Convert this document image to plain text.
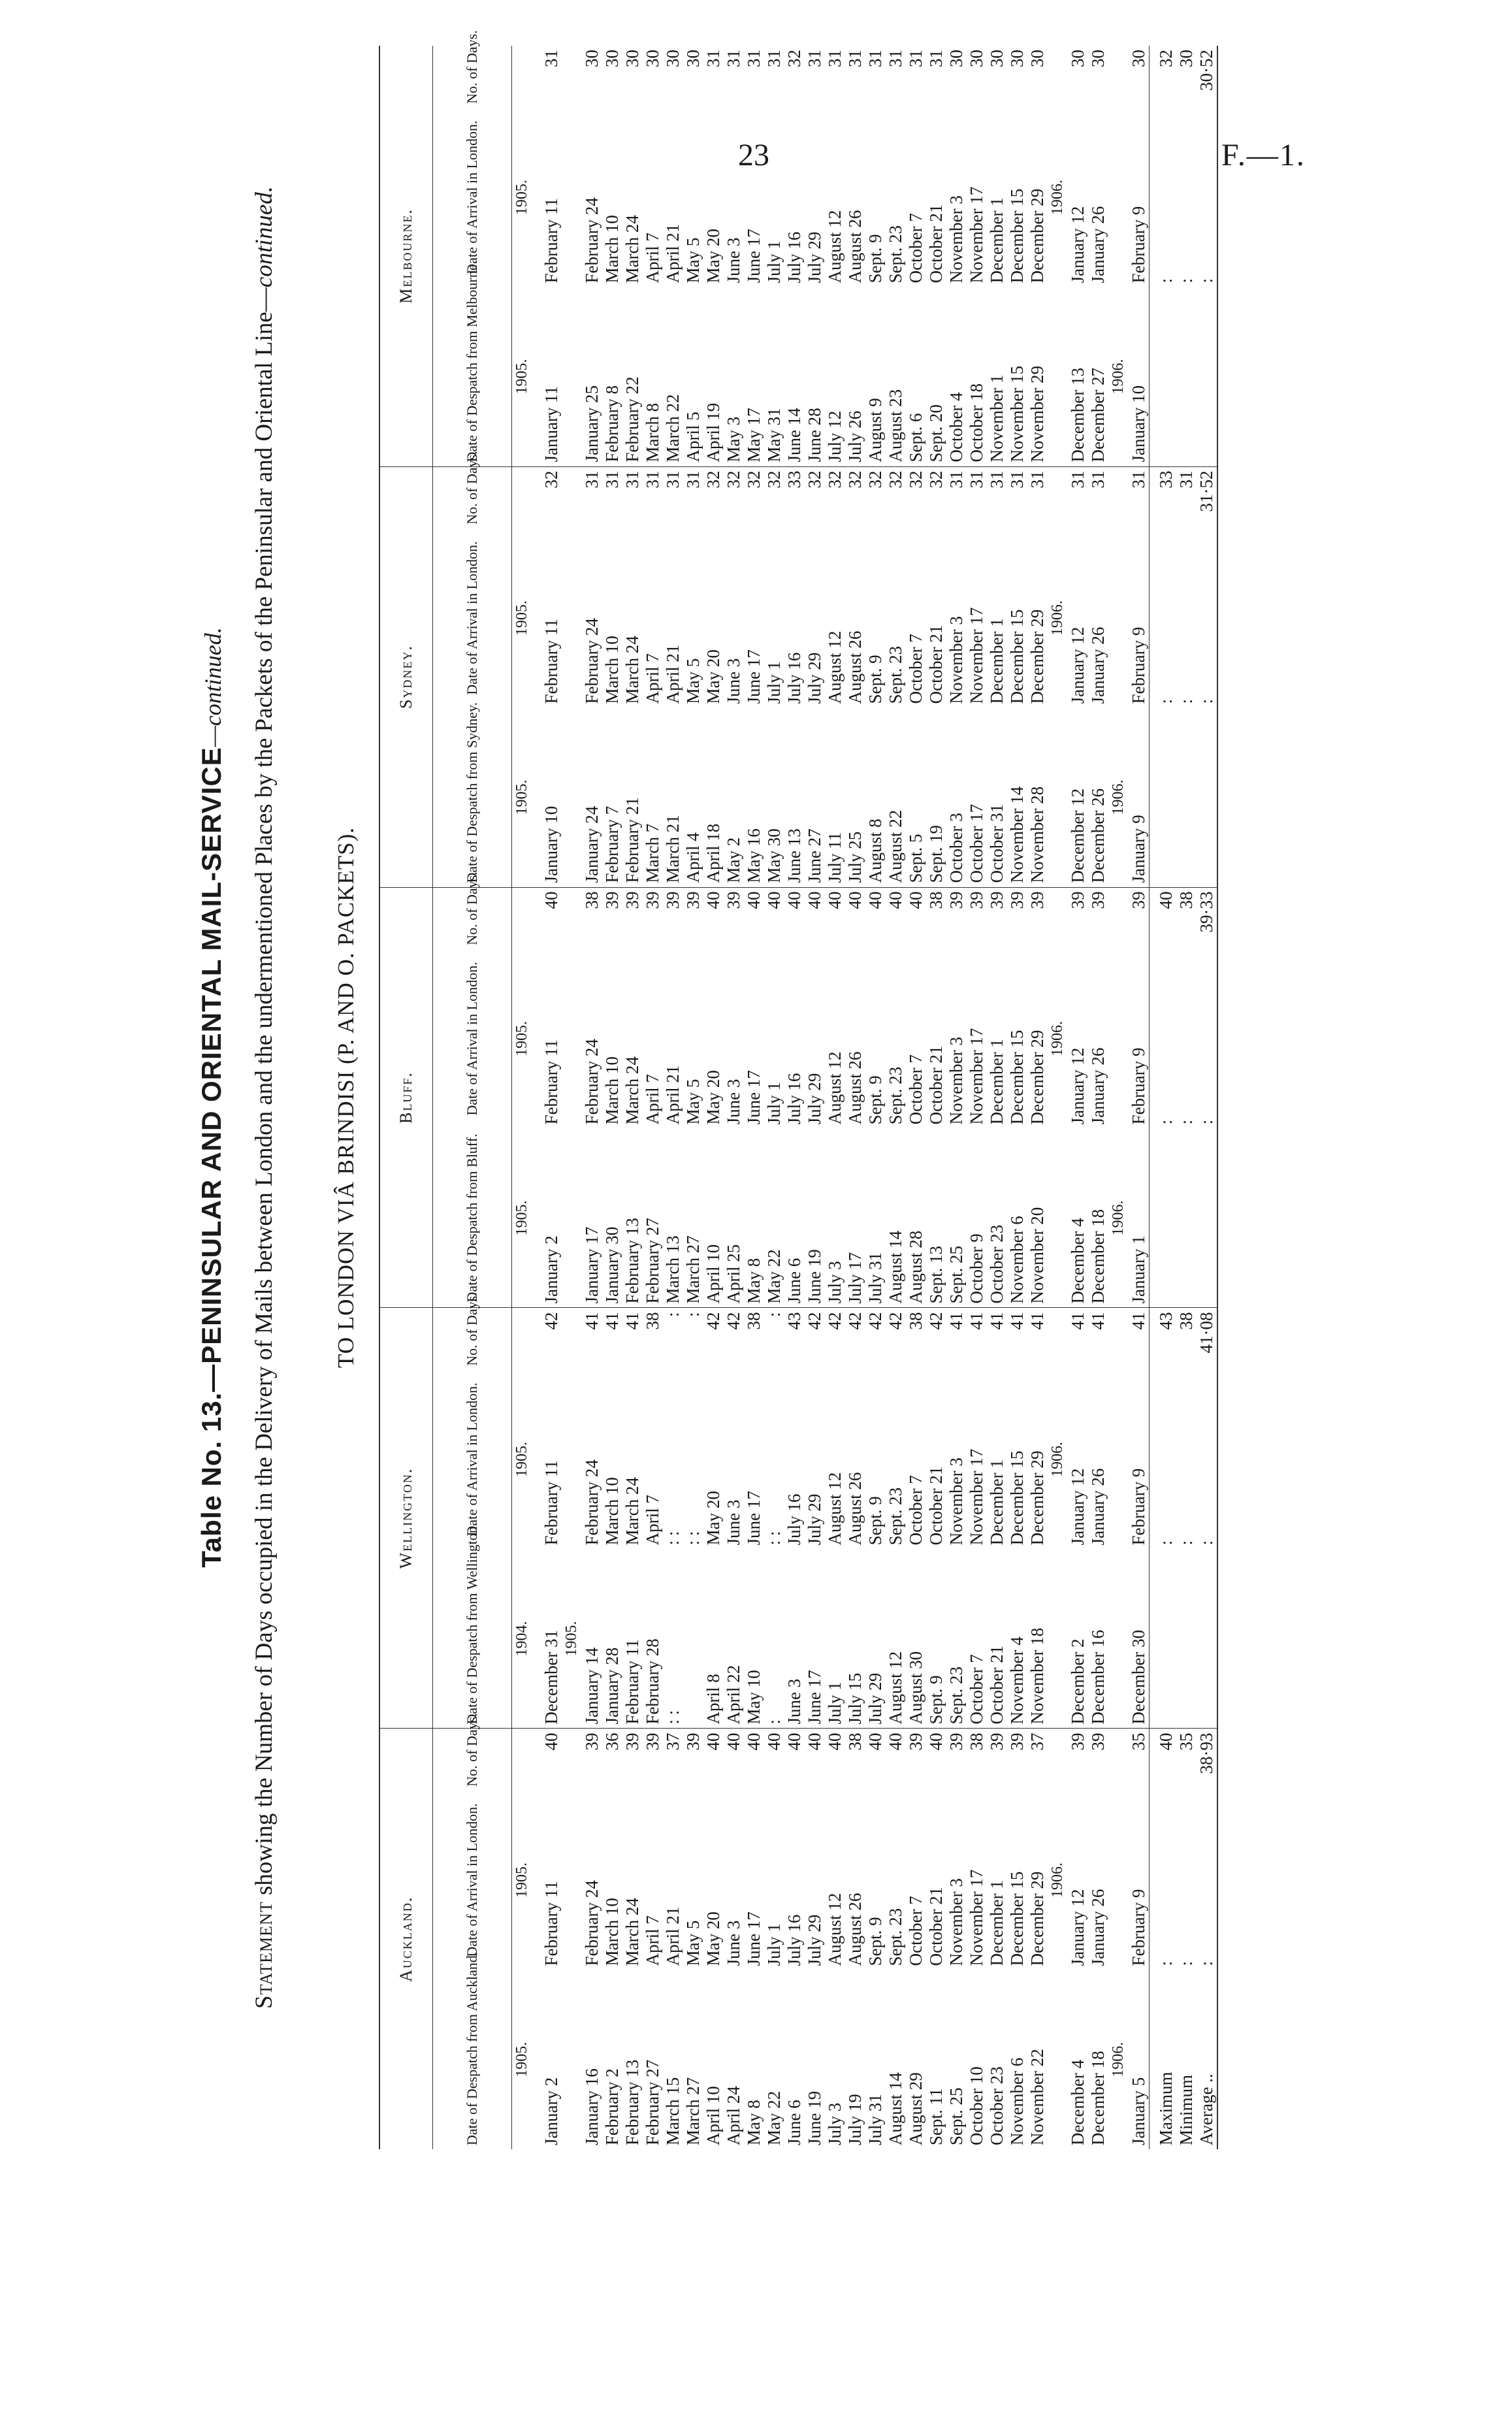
23	F.—1.
Table No. 13.—PENINSULAR AND ORIENTAL MAIL-SERVICE—continued.
Statement showing the Number of Days occupied in the Delivery of Mails between London and the undermentioned Places by the Packets of the Peninsular and Oriental Line—continued.
TO LONDON VIÂ BRINDISI (P. AND O. PACKETS).
Auckland.			Wellington.			Bluff.			Sydney.			Melbourne.		
Date of Despatch from Auckland.	Date of Arrival in London.	No. of Days.	Date of Despatch from Wellington.	Date of Arrival in London.	No. of Days.	Date of Despatch from Bluff.	Date of Arrival in London.	No. of Days.	Date of Despatch from Sydney.	Date of Arrival in London.	No. of Days.	Date of Despatch from Melbourne.	Date of Arrival in London.	No. of Days.
1905.	1905.		1904.	1905.		1905.	1905.		1905.	1905.		1905.	1905.	
January 2	February 11	40	December 31	February 11	42	January 2	February 11	40	January 10	February 11	32	January 11	February 11	31
			1905.											
January 16	February 24	39	January 14	February 24	41	January 17	February 24	38	January 24	February 24	31	January 25	February 24	30
February 2	March 10	36	January 28	March 10	41	January 30	March 10	39	February 7	March 10	31	February 8	March 10	30
February 13	March 24	39	February 11	March 24	41	February 13	March 24	39	February 21	March 24	31	February 22	March 24	30
February 27	April 7	39	February 28	April 7	38	February 27	April 7	39	March 7	April 7	31	March 8	April 7	30
March 15	April 21	37	: :	: :	:	March 13	April 21	39	March 21	April 21	31	March 22	April 21	30
March 27	May 5	39		: :	:	March 27	May 5	39	April 4	May 5	31	April 5	May 5	30
April 10	May 20	40	April 8	May 20	42	April 10	May 20	40	April 18	May 20	32	April 19	May 20	31
April 24	June 3	40	April 22	June 3	42	April 25	June 3	39	May 2	June 3	32	May 3	June 3	31
May 8	June 17	40	May 10	June 17	38	May 8	June 17	40	May 16	June 17	32	May 17	June 17	31
May 22	July 1	40	:	: :	:	May 22	July 1	40	May 30	July 1	32	May 31	July 1	31
June 6	July 16	40	June 3	July 16	43	June 6	July 16	40	June 13	July 16	33	June 14	July 16	32
June 19	July 29	40	June 17	July 29	42	June 19	July 29	40	June 27	July 29	32	June 28	July 29	31
July 3	August 12	40	July 1	August 12	42	July 3	August 12	40	July 11	August 12	32	July 12	August 12	31
July 19	August 26	38	July 15	August 26	42	July 17	August 26	40	July 25	August 26	32	July 26	August 26	31
July 31	Sept. 9	40	July 29	Sept. 9	42	July 31	Sept. 9	40	August 8	Sept. 9	32	August 9	Sept. 9	31
August 14	Sept. 23	40	August 12	Sept. 23	42	August 14	Sept. 23	40	August 22	Sept. 23	32	August 23	Sept. 23	31
August 29	October 7	39	August 30	October 7	38	August 28	October 7	40	Sept. 5	October 7	32	Sept. 6	October 7	31
Sept. 11	October 21	40	Sept. 9	October 21	42	Sept. 13	October 21	38	Sept. 19	October 21	32	Sept. 20	October 21	31
Sept. 25	November 3	39	Sept. 23	November 3	41	Sept. 25	November 3	39	October 3	November 3	31	October 4	November 3	30
October 10	November 17	38	October 7	November 17	41	October 9	November 17	39	October 17	November 17	31	October 18	November 17	30
October 23	December 1	39	October 21	December 1	41	October 23	December 1	39	October 31	December 1	31	November 1	December 1	30
November 6	December 15	39	November 4	December 15	41	November 6	December 15	39	November 14	December 15	31	November 15	December 15	30
November 22	December 29	37	November 18	December 29	41	November 20	December 29	39	November 28	December 29	31	November 29	December 29	30
	1906.			1906.			1906.			1906.			1906.	
December 4	January 12	39	December 2	January 12	41	December 4	January 12	39	December 12	January 12	31	December 13	January 12	30
December 18	January 26	39	December 16	January 26	41	December 18	January 26	39	December 26	January 26	31	December 27	January 26	30
1906.						1906.			1906.			1906.		
January 5	February 9	35	December 30	February 9	41	January 1	February 9	39	January 9	February 9	31	January 10	February 9	30
Maximum	:	40		:	43		:	40		:	33		:	32
Minimum	:	35		:	38		:	38		:	31		:	30
Average ..	:	38·93		:	41·08		:	39·33		:	31·52		:	30·52
